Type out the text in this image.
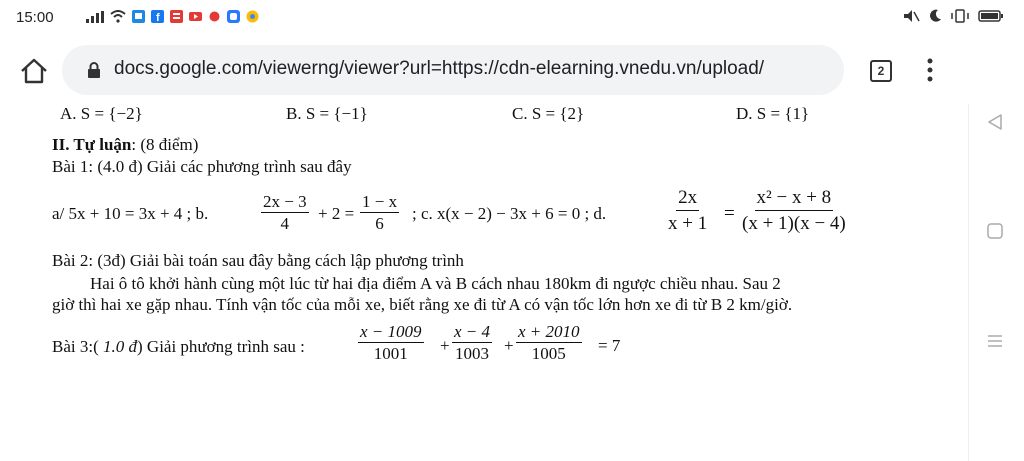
15:00	f
docs.google.com/viewerng/viewer?url=https://cdn-elearning.vnedu.vn/upload/	2
A. S = {−2}	B. S = {−1}	C. S = {2}	D. S = {1}
II. Tự luận: (8 điểm)
Bài 1: (4.0 đ) Giải các phương trình sau đây
a/ 5x + 10 = 3x + 4 ; b.	$\frac{2x - 3}{4} + 2 = \frac{1 - x}{6}$ ; c. x(x − 2) − 3x + 6 = 0 ; d.	$\frac{2x}{x + 1} = \frac{\text{x² − x + 8}}{(x + 1)(x - 4)}$
Bài 2: (3đ) Giải bài toán sau đây bằng cách lập phương trình
Hai ô tô khởi hành cùng một lúc từ hai địa điểm A và B cách nhau 180km đi ngược chiều nhau. Sau 2
giờ thì hai xe gặp nhau. Tính vận tốc của mỗi xe, biết rằng xe đi từ A có vận tốc lớn hơn xe đi từ B 2 km/giờ.
Bài 3:( 1.0 đ) Giải phương trình sau :	$\frac{x - 1009}{1001} + \frac{x - 4}{1003} + \frac{x + 2010}{1005} = 7$
